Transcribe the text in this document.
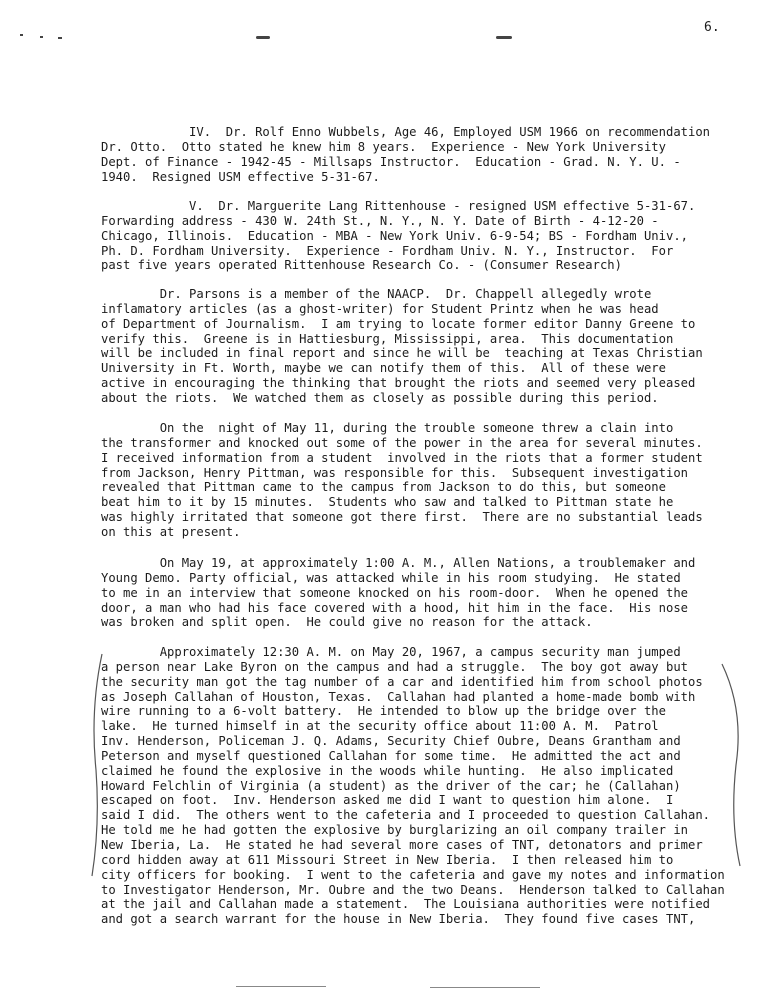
6.
IV.  Dr. Rolf Enno Wubbels, Age 46, Employed USM 1966 on recommendation
Dr. Otto.  Otto stated he knew him 8 years.  Experience - New York University
Dept. of Finance - 1942-45 - Millsaps Instructor.  Education - Grad. N. Y. U. -
1940.  Resigned USM effective 5-31-67.
V.  Dr. Marguerite Lang Rittenhouse - resigned USM effective 5-31-67.
Forwarding address - 430 W. 24th St., N. Y., N. Y. Date of Birth - 4-12-20 -
Chicago, Illinois.  Education - MBA - New York Univ. 6-9-54; BS - Fordham Univ.,
Ph. D. Fordham University.  Experience - Fordham Univ. N. Y., Instructor.  For
past five years operated Rittenhouse Research Co. - (Consumer Research)
Dr. Parsons is a member of the NAACP.  Dr. Chappell allegedly wrote
inflamatory articles (as a ghost-writer) for Student Printz when he was head
of Department of Journalism.  I am trying to locate former editor Danny Greene to
verify this.  Greene is in Hattiesburg, Mississippi, area.  This documentation
will be included in final report and since he will be  teaching at Texas Christian
University in Ft. Worth, maybe we can notify them of this.  All of these were
active in encouraging the thinking that brought the riots and seemed very pleased
about the riots.  We watched them as closely as possible during this period.
On the  night of May 11, during the trouble someone threw a clain into
the transformer and knocked out some of the power in the area for several minutes.
I received information from a student  involved in the riots that a former student
from Jackson, Henry Pittman, was responsible for this.  Subsequent investigation
revealed that Pittman came to the campus from Jackson to do this, but someone
beat him to it by 15 minutes.  Students who saw and talked to Pittman state he
was highly irritated that someone got there first.  There are no substantial leads
on this at present.
On May 19, at approximately 1:00 A. M., Allen Nations, a troublemaker and
Young Demo. Party official, was attacked while in his room studying.  He stated
to me in an interview that someone knocked on his room-door.  When he opened the
door, a man who had his face covered with a hood, hit him in the face.  His nose
was broken and split open.  He could give no reason for the attack.
Approximately 12:30 A. M. on May 20, 1967, a campus security man jumped
a person near Lake Byron on the campus and had a struggle.  The boy got away but
the security man got the tag number of a car and identified him from school photos
as Joseph Callahan of Houston, Texas.  Callahan had planted a home-made bomb with
wire running to a 6-volt battery.  He intended to blow up the bridge over the
lake.  He turned himself in at the security office about 11:00 A. M.  Patrol
Inv. Henderson, Policeman J. Q. Adams, Security Chief Oubre, Deans Grantham and
Peterson and myself questioned Callahan for some time.  He admitted the act and
claimed he found the explosive in the woods while hunting.  He also implicated
Howard Felchlin of Virginia (a student) as the driver of the car; he (Callahan)
escaped on foot.  Inv. Henderson asked me did I want to question him alone.  I
said I did.  The others went to the cafeteria and I proceeded to question Callahan.
He told me he had gotten the explosive by burglarizing an oil company trailer in
New Iberia, La.  He stated he had several more cases of TNT, detonators and primer
cord hidden away at 611 Missouri Street in New Iberia.  I then released him to
city officers for booking.  I went to the cafeteria and gave my notes and information
to Investigator Henderson, Mr. Oubre and the two Deans.  Henderson talked to Callahan
at the jail and Callahan made a statement.  The Louisiana authorities were notified
and got a search warrant for the house in New Iberia.  They found five cases TNT,
